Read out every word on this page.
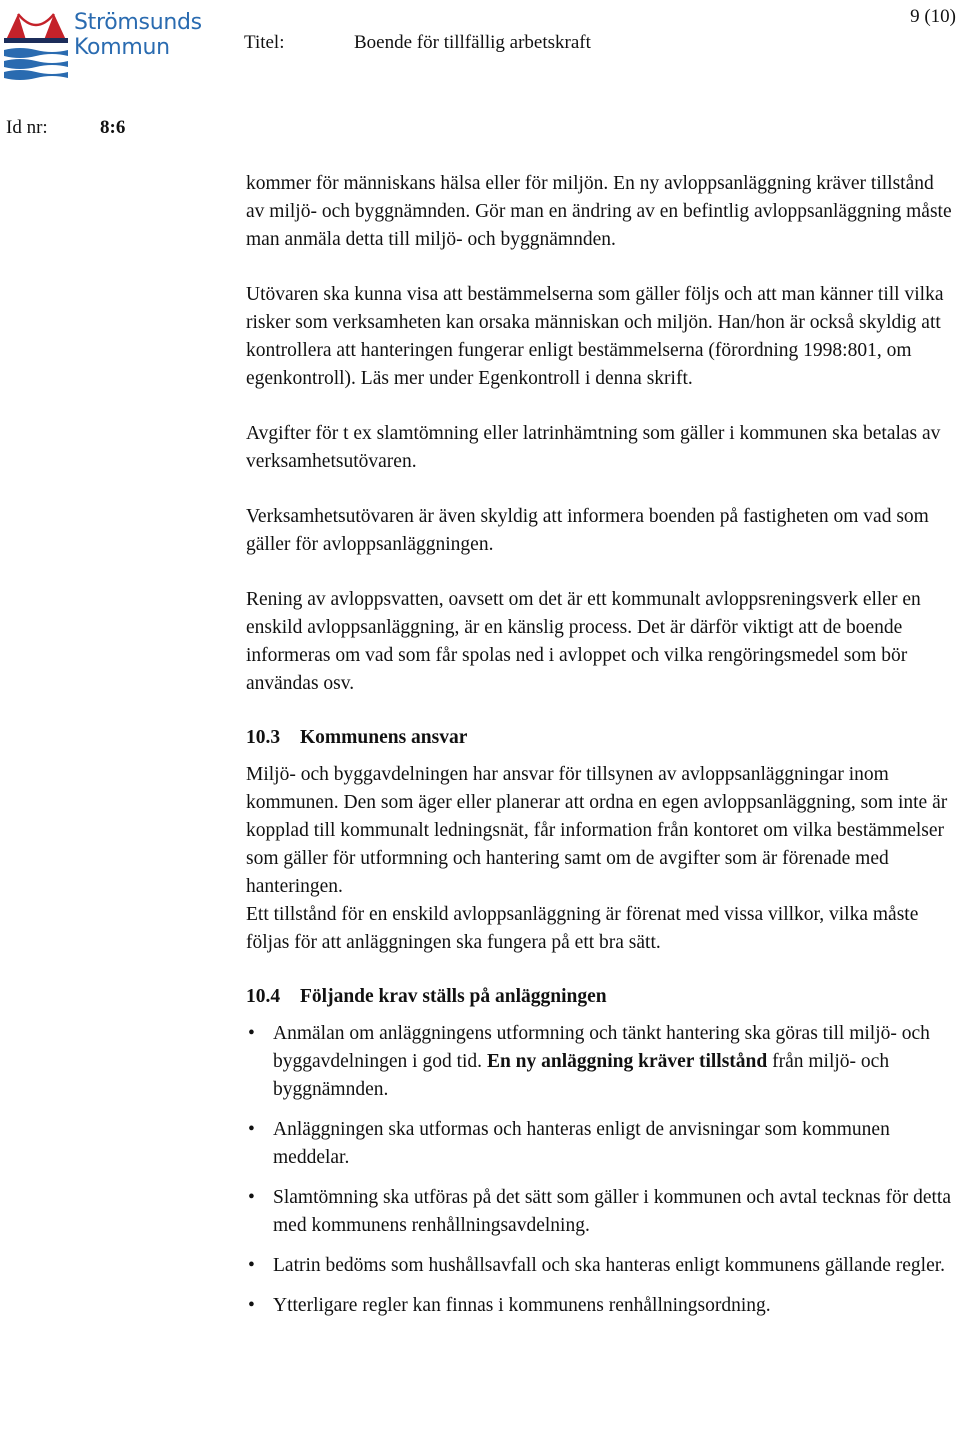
Strömsunds
Kommun	Titel:	Boende för tillfällig arbetskraft
9 (10)
Id nr:	8:6

kommer för människans hälsa eller för miljön. En ny avloppsanläggning kräver tillstånd av miljö- och byggnämnden. Gör man en ändring av en befintlig avloppsanläggning måste man anmäla detta till miljö- och byggnämnden.

Utövaren ska kunna visa att bestämmelserna som gäller följs och att man känner till vilka risker som verksamheten kan orsaka människan och miljön. Han/hon är också skyldig att kontrollera att hanteringen fungerar enligt bestämmelserna (förordning 1998:801, om egenkontroll). Läs mer under Egenkontroll i denna skrift.

Avgifter för t ex slamtömning eller latrinhämtning som gäller i kommunen ska betalas av verksamhetsutövaren.

Verksamhetsutövaren är även skyldig att informera boenden på fastigheten om vad som gäller för avloppsanläggningen.

Rening av avloppsvatten, oavsett om det är ett kommunalt avloppsreningsverk eller en enskild avloppsanläggning, är en känslig process. Det är därför viktigt att de boende informeras om vad som får spolas ned i avloppet och vilka rengöringsmedel som bör användas osv.

10.3 Kommunens ansvar

Miljö- och byggavdelningen har ansvar för tillsynen av avloppsanläggningar inom kommunen. Den som äger eller planerar att ordna en egen avloppsanläggning, som inte är kopplad till kommunalt ledningsnät, får information från kontoret om vilka bestämmelser som gäller för utformning och hantering samt om de avgifter som är förenade med hanteringen.

Ett tillstånd för en enskild avloppsanläggning är förenat med vissa villkor, vilka måste följas för att anläggningen ska fungera på ett bra sätt.

10.4 Följande krav ställs på anläggningen
• Anmälan om anläggningens utformning och tänkt hantering ska göras till miljö- och byggavdelningen i god tid. En ny anläggning kräver tillstånd från miljö- och byggnämnden.
• Anläggningen ska utformas och hanteras enligt de anvisningar som kommunen meddelar.
• Slamtömning ska utföras på det sätt som gäller i kommunen och avtal tecknas för detta med kommunens renhållningsavdelning.
• Latrin bedöms som hushållsavfall och ska hanteras enligt kommunens gällande regler.
• Ytterligare regler kan finnas i kommunens renhållningsordning.
